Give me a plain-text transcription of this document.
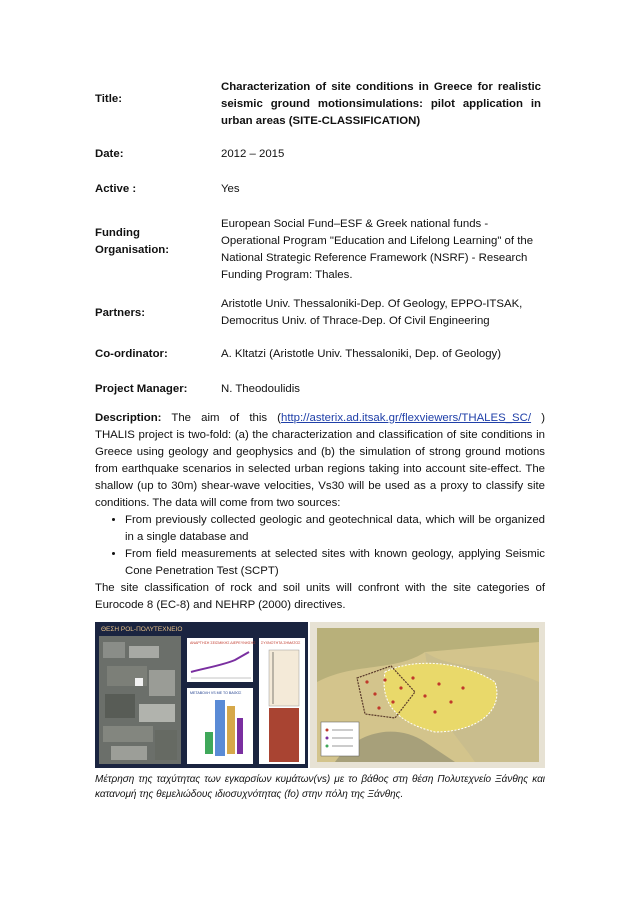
Title:
Characterization of site conditions in Greece for realistic seismic ground motionsimulations: pilot application in urban areas (SITE-CLASSIFICATION)
Date:	2012 – 2015
Active :	Yes
Funding Organisation:
European Social Fund–ESF & Greek national funds - Operational Program "Education and Lifelong Learning" of the National Strategic Reference Framework (NSRF) - Research Funding Program: Thales.
Partners:
Aristotle Univ. Thessaloniki-Dep. Of Geology, EPPO-ITSAK, Democritus Univ. of Thrace-Dep. Of Civil Engineering
Co-ordinator:	A. Kltatzi (Aristotle Univ. Thessaloniki, Dep. of Geology)
Project Manager:	N. Theodoulidis
Description: The aim of this (http://asterix.ad.itsak.gr/flexviewers/THALES_SC/ ) THALIS project is two-fold: (a) the characterization and classification of site conditions in Greece using geology and geophysics and (b) the simulation of strong ground motions from earthquake scenarios in selected urban regions taking into account site-effect. The shallow (up to 30m) shear-wave velocities, Vs30 will be used as a proxy to classify site conditions. The data will come from two sources:
• From previously collected geologic and geotechnical data, which will be organized in a single database and
• From field measurements at selected sites with known geology, applying Seismic Cone Penetration Test (SCPT)
The site classification of rock and soil units will confront with the site categories of Eurocode 8 (EC-8) and NEHRP (2000) directives.
ΘΕΣΗ POL-ΠΟΛΥΤΕΧΝΕΙΟ
ΑΝΑΡΤΗΣΗ ΣΕΙΣΜΙΚΗΣ ΔΙΕΡΕΥΝΗΣΗΣ
ΜΕΤΑΒΟΛΗ VS ΜΕ ΤΟ ΒΑΘΟΣ
ΣΥΧΝΟΤΗΤΑ ΣΗΜΑΤΟΣ
Μέτρηση της ταχύτητας των εγκαρσίων κυμάτων(vs) με το βάθος στη θέση Πολυτεχνείο Ξάνθης και κατανομή της θεμελιώδους ιδιοσυχνότητας (fo) στην πόλη της Ξάνθης.
